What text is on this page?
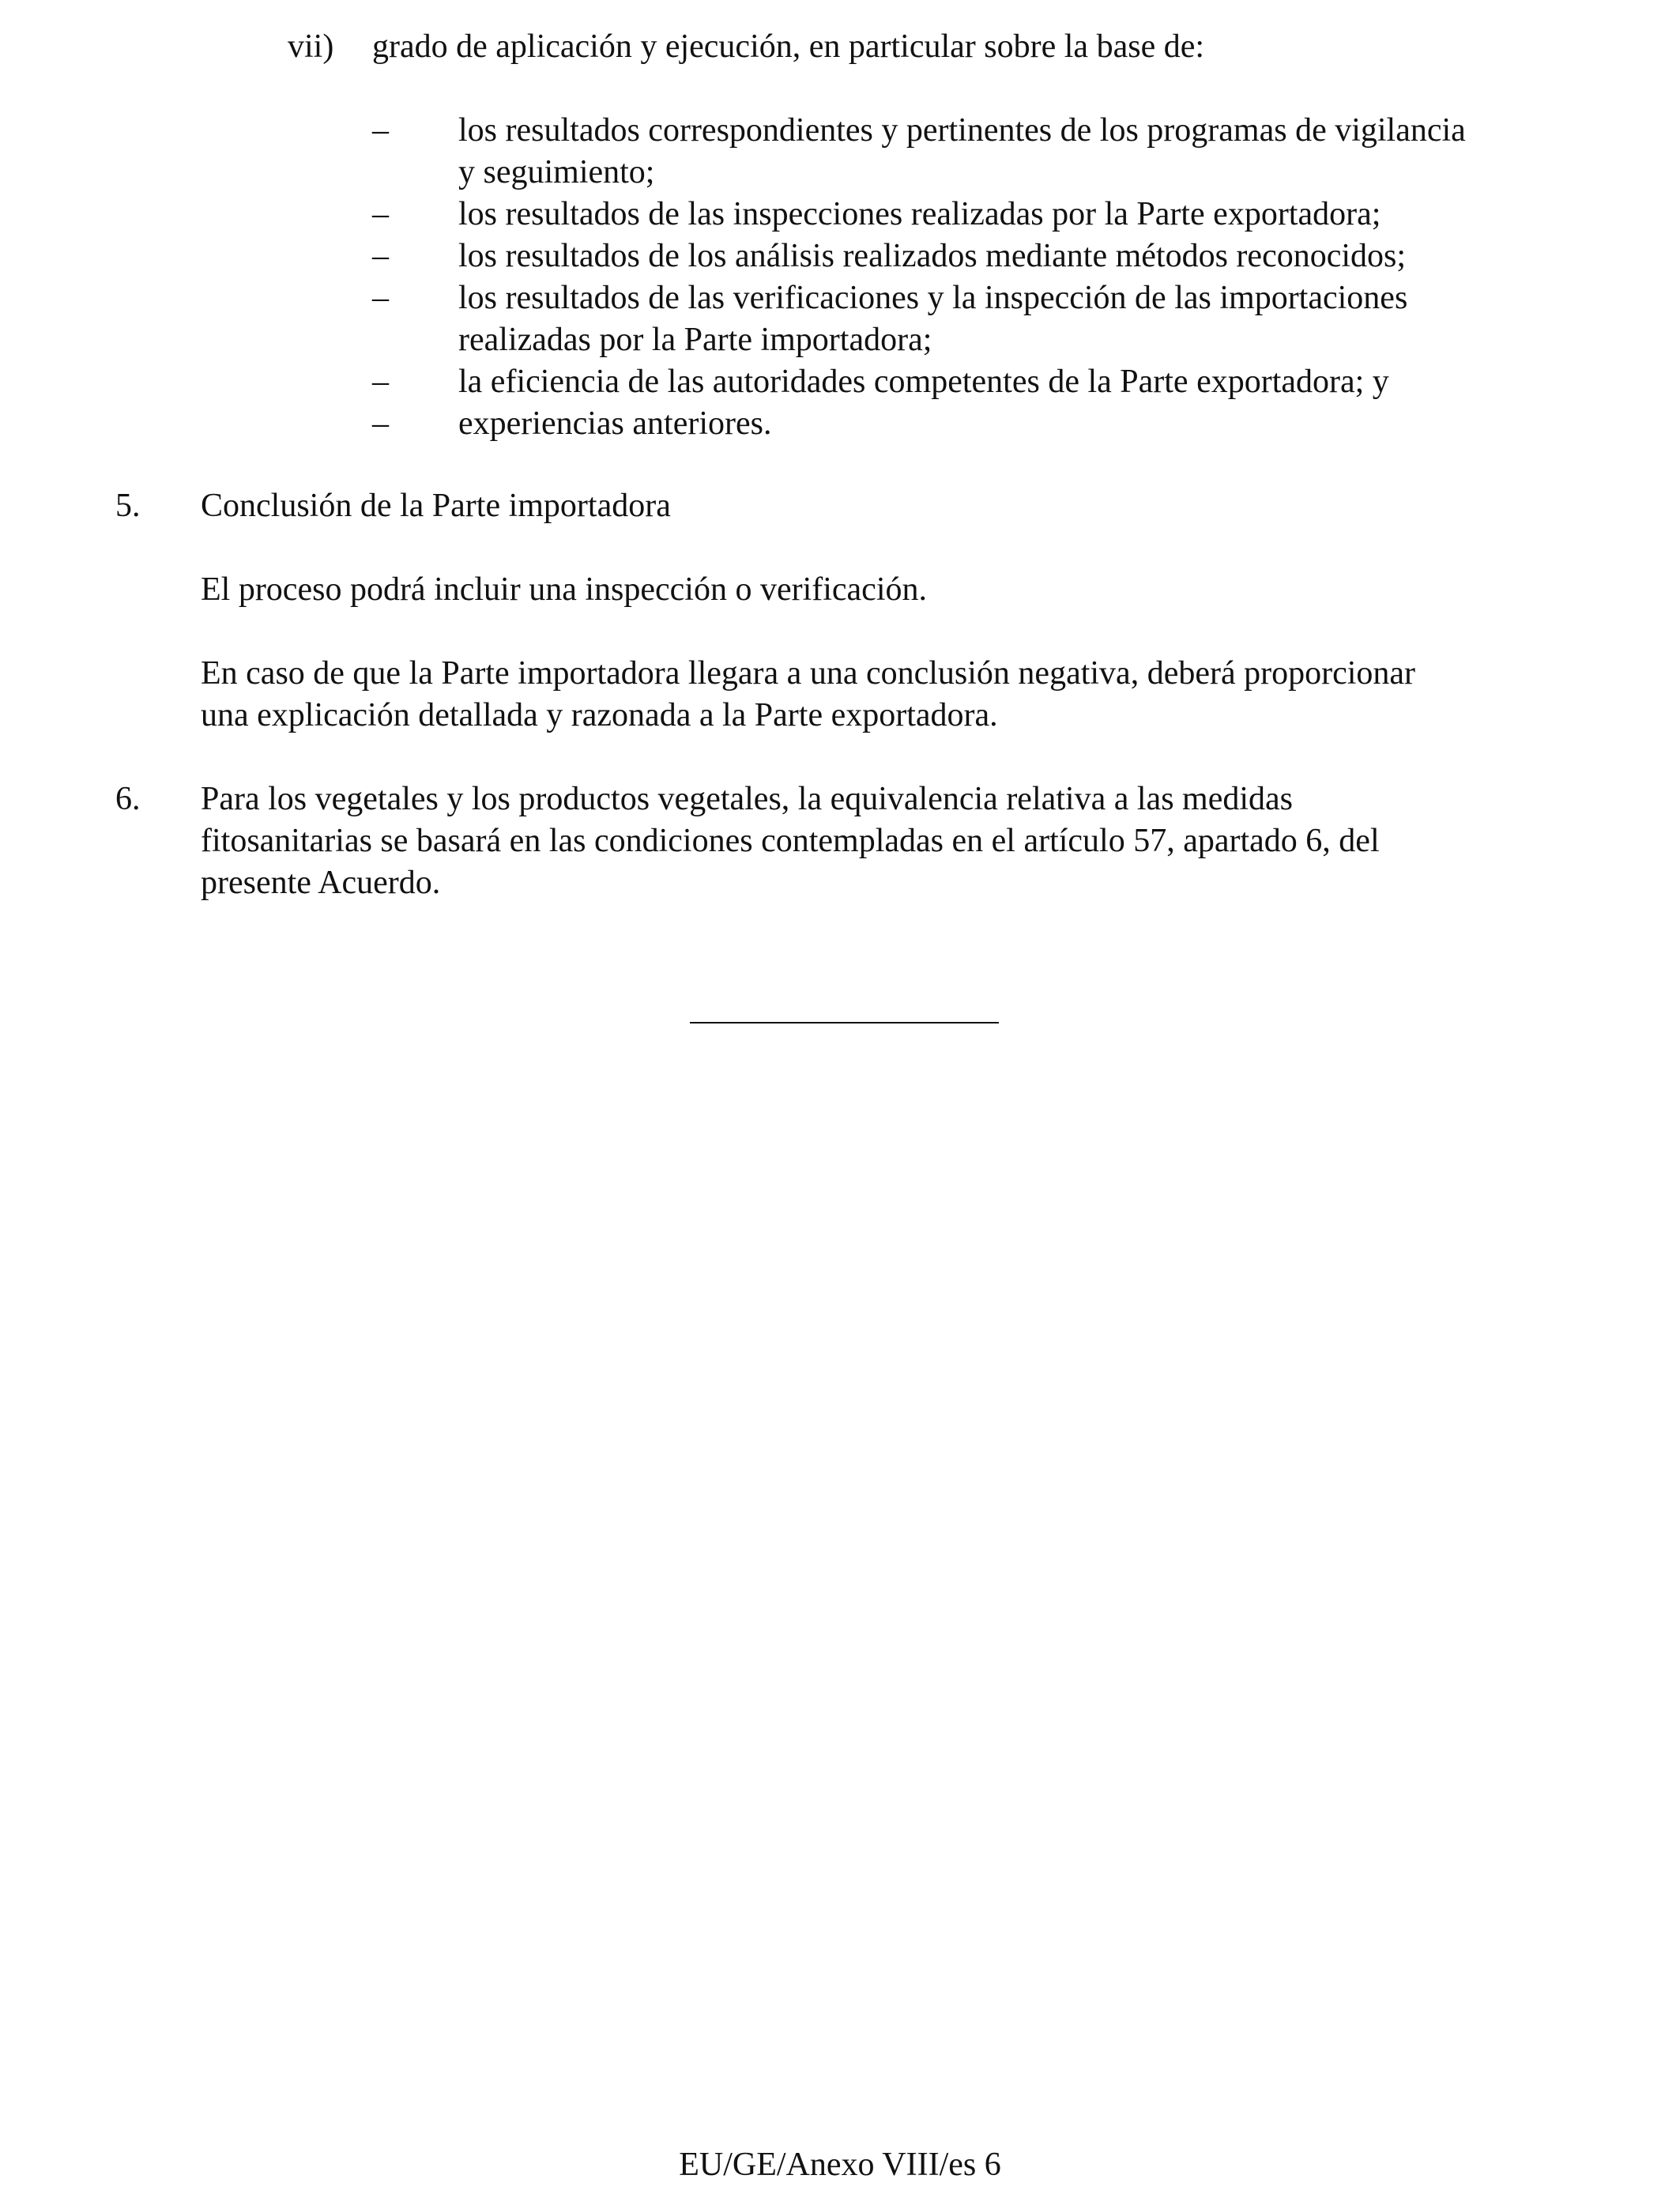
vii) grado de aplicación y ejecución, en particular sobre la base de:
– los resultados correspondientes y pertinentes de los programas de vigilancia
y seguimiento;
– los resultados de las inspecciones realizadas por la Parte exportadora;
– los resultados de los análisis realizados mediante métodos reconocidos;
– los resultados de las verificaciones y la inspección de las importaciones
realizadas por la Parte importadora;
– la eficiencia de las autoridades competentes de la Parte exportadora; y
– experiencias anteriores.
5. Conclusión de la Parte importadora
El proceso podrá incluir una inspección o verificación.
En caso de que la Parte importadora llegara a una conclusión negativa, deberá proporcionar
una explicación detallada y razonada a la Parte exportadora.
6. Para los vegetales y los productos vegetales, la equivalencia relativa a las medidas
fitosanitarias se basará en las condiciones contempladas en el artículo 57, apartado 6, del
presente Acuerdo.
EU/GE/Anexo VIII/es 6
